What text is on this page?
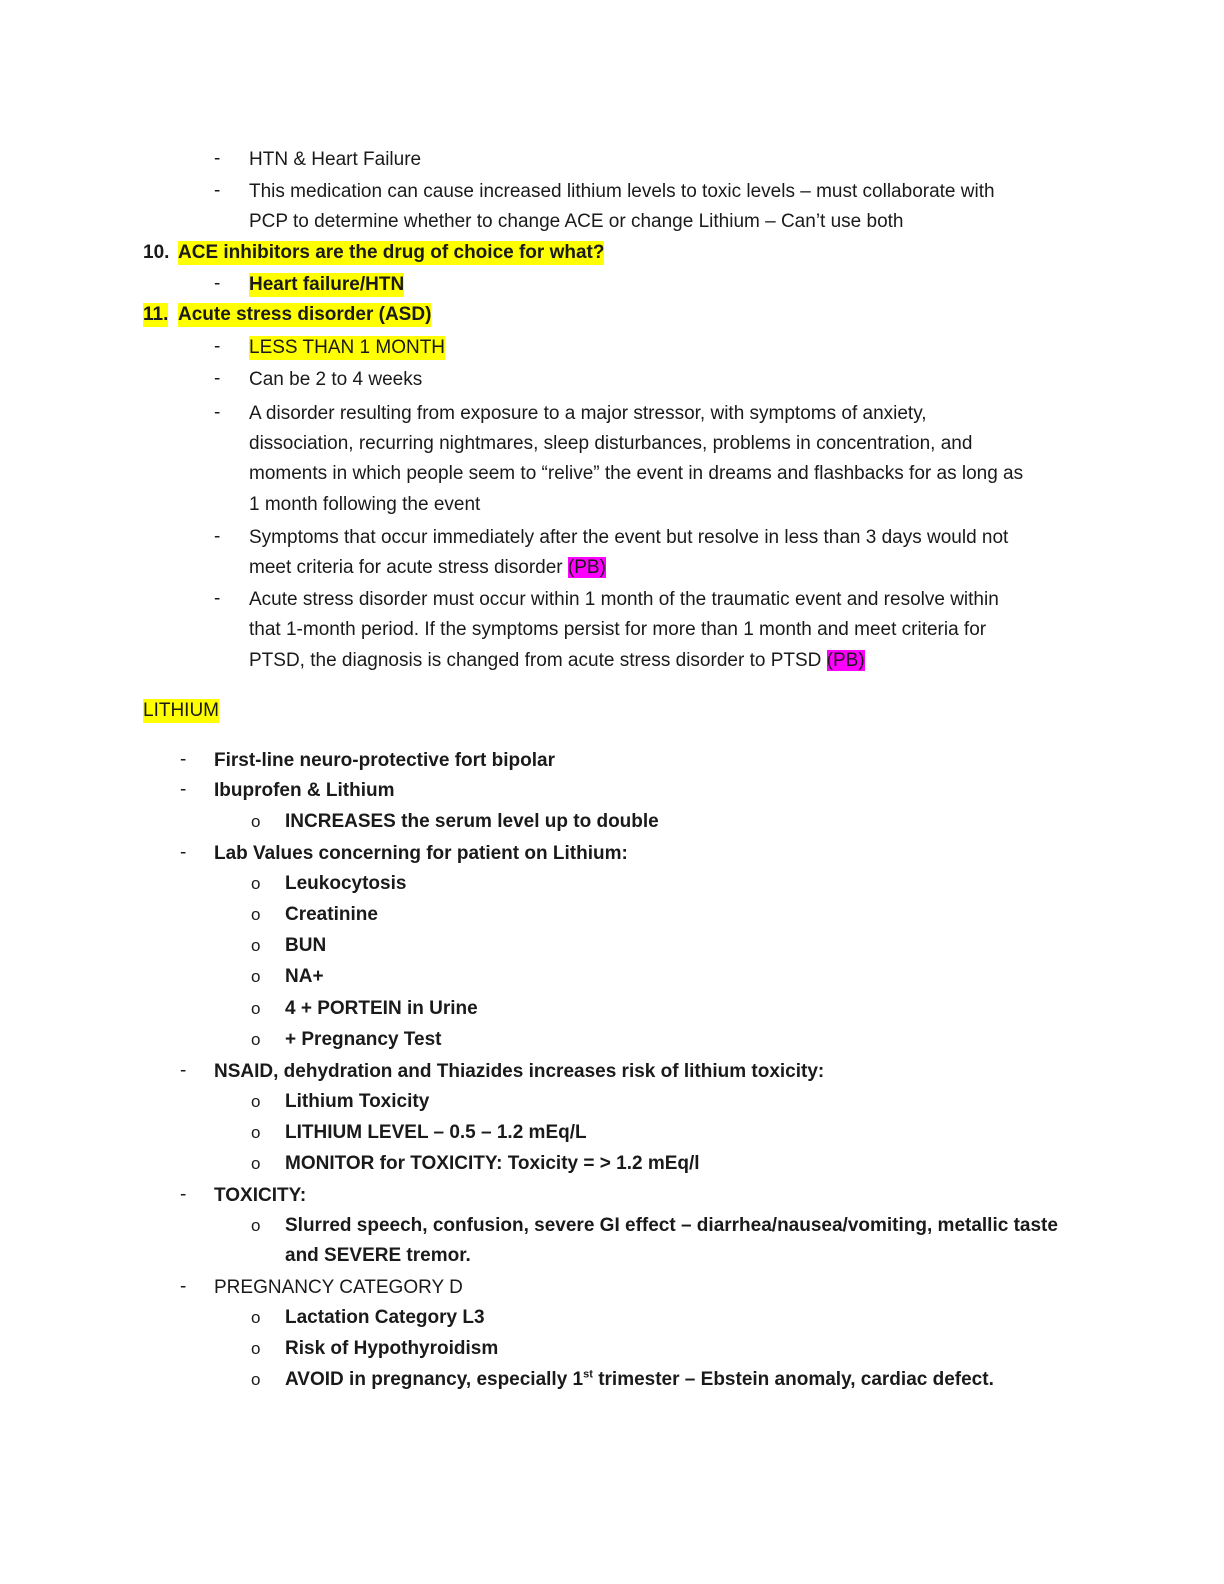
-	HTN & Heart Failure
-	This medication can cause increased lithium levels to toxic levels – must collaborate with
PCP to determine whether to change ACE or change Lithium – Can’t use both
10. ACE inhibitors are the drug of choice for what?
-	Heart failure/HTN
11. Acute stress disorder (ASD)
-	LESS THAN 1 MONTH
-	Can be 2 to 4 weeks
-	A disorder resulting from exposure to a major stressor, with symptoms of anxiety,
dissociation, recurring nightmares, sleep disturbances, problems in concentration, and
moments in which people seem to “relive” the event in dreams and flashbacks for as long as
1 month following the event
-	Symptoms that occur immediately after the event but resolve in less than 3 days would not
meet criteria for acute stress disorder (PB)
-	Acute stress disorder must occur within 1 month of the traumatic event and resolve within
that 1-month period. If the symptoms persist for more than 1 month and meet criteria for
PTSD, the diagnosis is changed from acute stress disorder to PTSD (PB)
LITHIUM
-	First-line neuro-protective fort bipolar
-	Ibuprofen & Lithium
o INCREASES the serum level up to double
-	Lab Values concerning for patient on Lithium:
o Leukocytosis
o Creatinine
o BUN
o NA+
o 4 + PORTEIN in Urine
o + Pregnancy Test
-	NSAID, dehydration and Thiazides increases risk of lithium toxicity:
o Lithium Toxicity
o LITHIUM LEVEL – 0.5 – 1.2 mEq/L
o MONITOR for TOXICITY: Toxicity = > 1.2 mEq/l
-	TOXICITY:
o Slurred speech, confusion, severe GI effect – diarrhea/nausea/vomiting, metallic taste
and SEVERE tremor.
-	PREGNANCY CATEGORY D
o Lactation Category L3
o Risk of Hypothyroidism
o AVOID in pregnancy, especially 1st trimester – Ebstein anomaly, cardiac defect.
